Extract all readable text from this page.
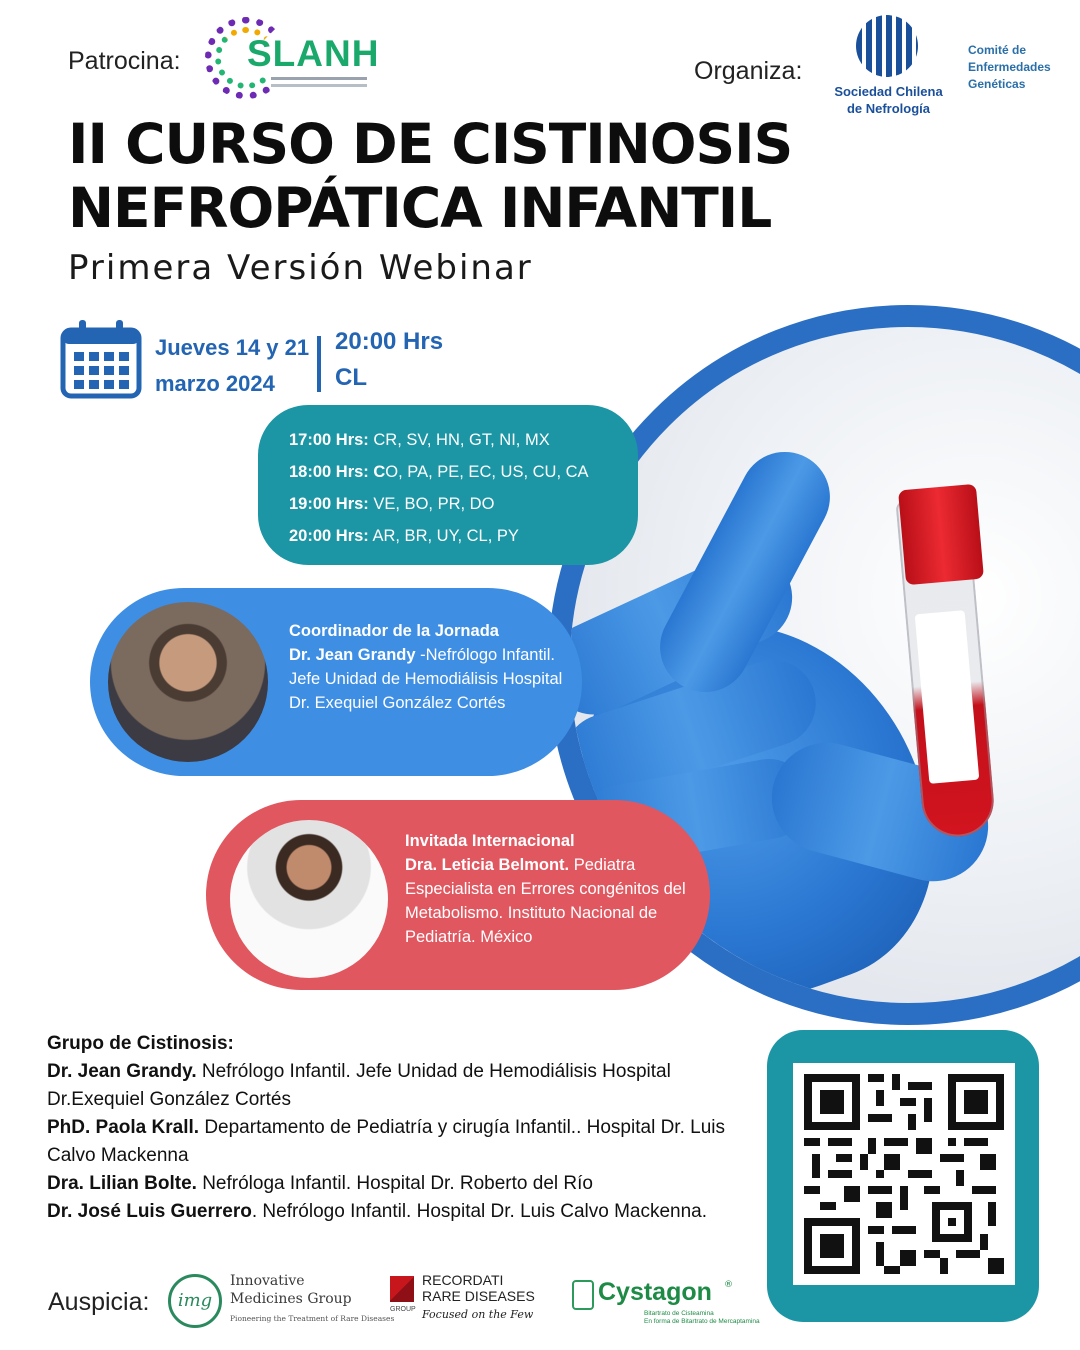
Patrocina: SLANH	Organiza:
Sociedad Chilena de Nefrología
Comité de Enfermedades Genéticas
II CURSO DE CISTINOSIS
NEFROPÁTICA INFANTIL
Primera Versión Webinar
Jueves 14 y 21
marzo 2024
20:00 Hrs
CL
17:00 Hrs: CR, SV, HN, GT, NI, MX
18:00 Hrs: CO, PA, PE, EC, US, CU, CA
19:00 Hrs: VE, BO, PR, DO
20:00 Hrs: AR, BR, UY, CL, PY
Coordinador de la Jornada
Dr. Jean Grandy -Nefrólogo Infantil. Jefe Unidad de Hemodiálisis Hospital Dr. Exequiel González Cortés
Invitada Internacional
Dra. Leticia Belmont. Pediatra Especialista en Errores congénitos del Metabolismo. Instituto Nacional de Pediatría. México
Grupo de Cistinosis:
Dr. Jean Grandy. Nefrólogo Infantil. Jefe Unidad de Hemodiálisis Hospital Dr.Exequiel González Cortés
PhD. Paola Krall. Departamento de Pediatría y cirugía Infantil.. Hospital Dr. Luis Calvo Mackenna
Dra. Lilian Bolte. Nefróloga Infantil. Hospital Dr. Roberto del Río
Dr. José Luis Guerrero. Nefrólogo Infantil. Hospital Dr. Luis Calvo Mackenna.
Auspicia:	img
Innovative
Medicines Group
Pioneering the Treatment of Rare Diseases
RECORDATI
RARE DISEASES
GROUP Focused on the Few
Cystagon ®
Bitartrato de Cisteamina
En forma de Bitartrato de Mercaptamina
